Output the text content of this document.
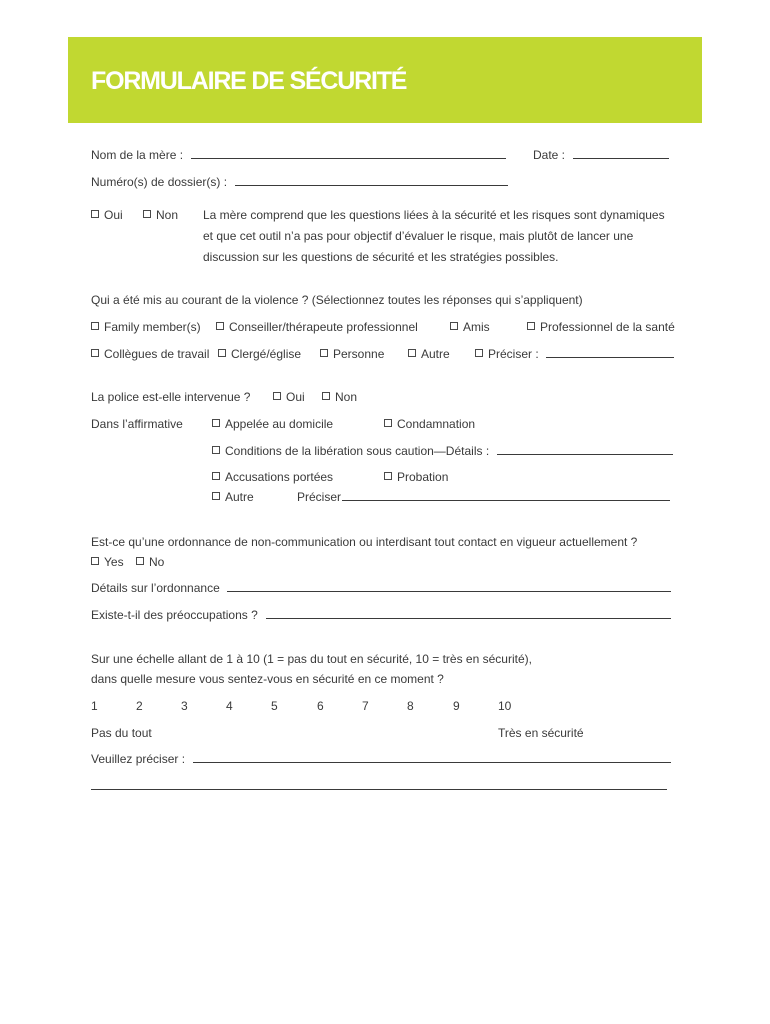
FORMULAIRE DE SÉCURITÉ
Nom de la mère :	Date :
Numéro(s) de dossier(s) :
Oui	Non La mère comprend que les questions liées à la sécurité et les risques sont dynamiques
et que cet outil n’a pas pour objectif d’évaluer le risque, mais plutôt de lancer une
discussion sur les questions de sécurité et les stratégies possibles.
Qui a été mis au courant de la violence ? (Sélectionnez toutes les réponses qui s’appliquent)
Family member(s)	Conseiller/thérapeute professionnel	Amis	Professionnel de la santé
Collègues de travail	Clergé/église	Personne	Autre	Préciser :
La police est-elle intervenue ?	Oui	Non
Dans l’affirmative	Appelée au domicile	Condamnation
Conditions de la libération sous caution—Détails :
Accusations portées	Probation
Autre	Préciser
Est-ce qu’une ordonnance de non-communication ou interdisant tout contact en vigueur actuellement ?
Yes	No
Détails sur l’ordonnance
Existe-t-il des préoccupations ?
Sur une échelle allant de 1 à 10 (1 = pas du tout en sécurité, 10 = très en sécurité),
dans quelle mesure vous sentez-vous en sécurité en ce moment ?
1	2	3	4	5	6	7	8	9	10
Pas du tout	Très en sécurité
Veuillez préciser :
